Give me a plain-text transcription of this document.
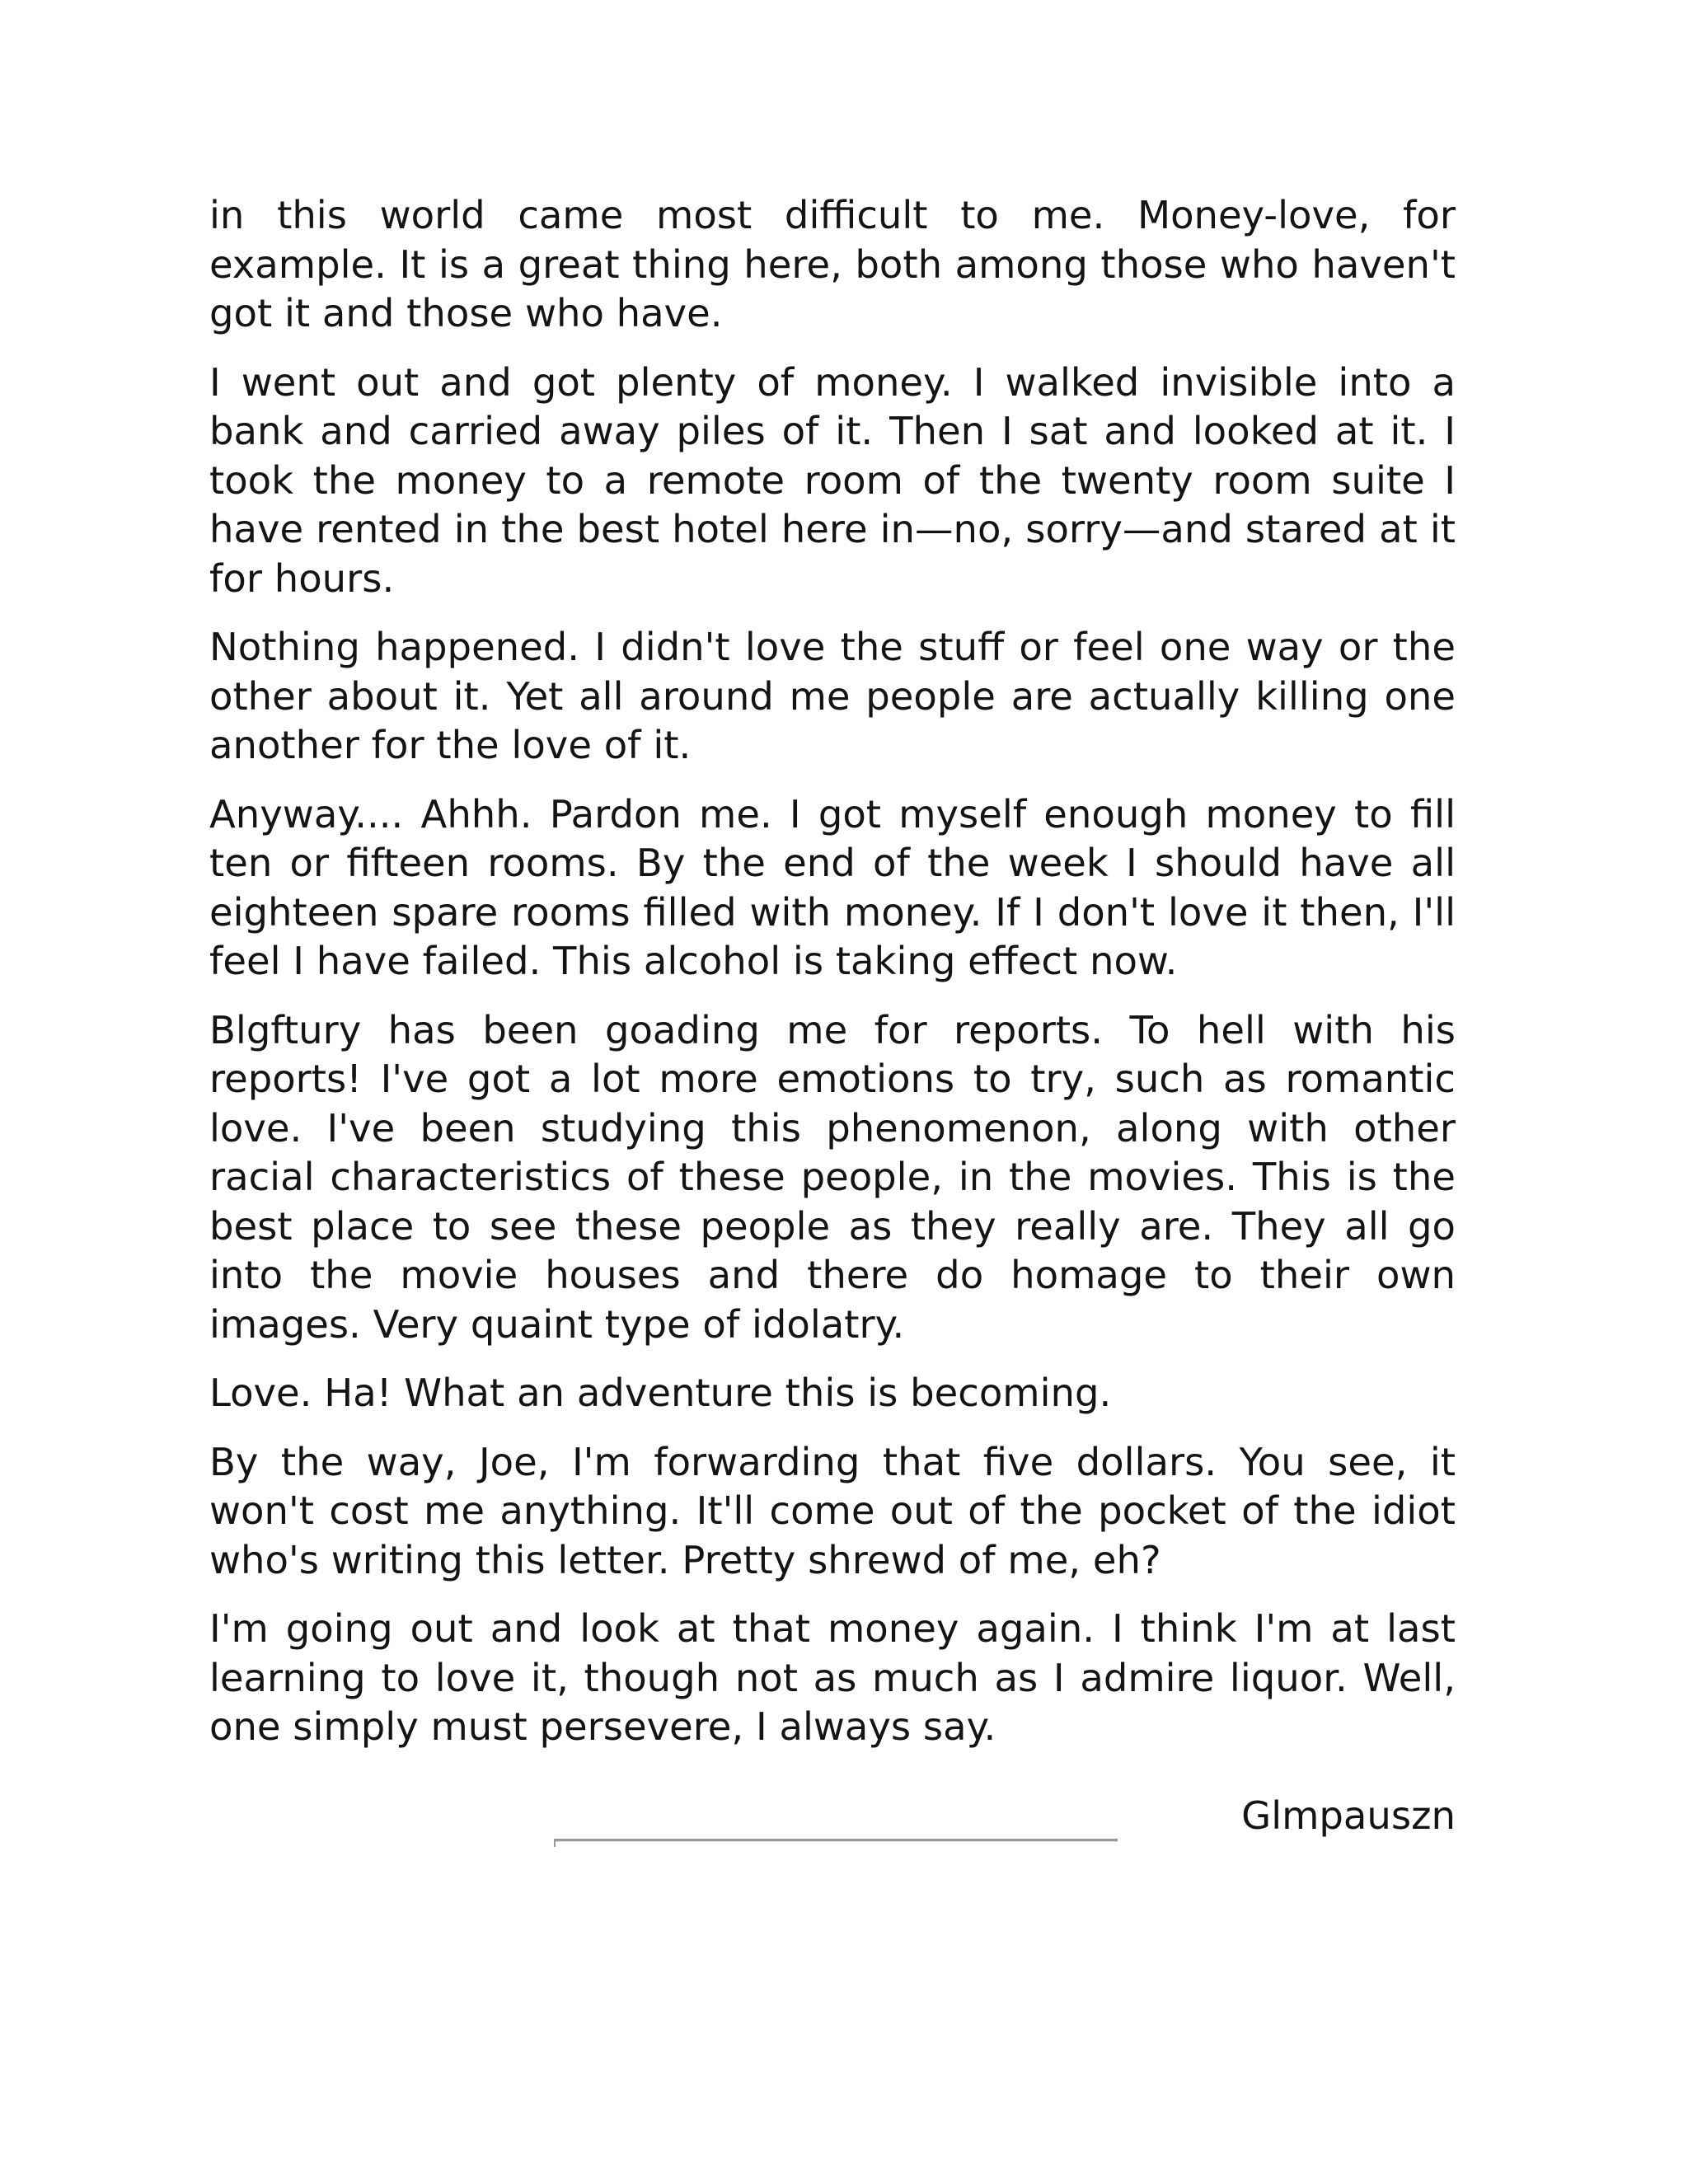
in this world came most difficult to me. Money-love, for example. It is a great thing here, both among those who haven't got it and those who have.

I went out and got plenty of money. I walked invisible into a bank and carried away piles of it. Then I sat and looked at it. I took the money to a remote room of the twenty room suite I have rented in the best hotel here in—no, sorry—and stared at it for hours.

Nothing happened. I didn't love the stuff or feel one way or the other about it. Yet all around me people are actually killing one another for the love of it.

Anyway.... Ahhh. Pardon me. I got myself enough money to fill ten or fifteen rooms. By the end of the week I should have all eighteen spare rooms filled with money. If I don't love it then, I'll feel I have failed. This alcohol is taking effect now.

Blgftury has been goading me for reports. To hell with his reports! I've got a lot more emotions to try, such as romantic love. I've been studying this phenomenon, along with other racial characteristics of these people, in the movies. This is the best place to see these people as they really are. They all go into the movie houses and there do homage to their own images. Very quaint type of idolatry.

Love. Ha! What an adventure this is becoming.

By the way, Joe, I'm forwarding that five dollars. You see, it won't cost me anything. It'll come out of the pocket of the idiot who's writing this letter. Pretty shrewd of me, eh?

I'm going out and look at that money again. I think I'm at last learning to love it, though not as much as I admire liquor. Well, one simply must persevere, I always say.

Glmpauszn
